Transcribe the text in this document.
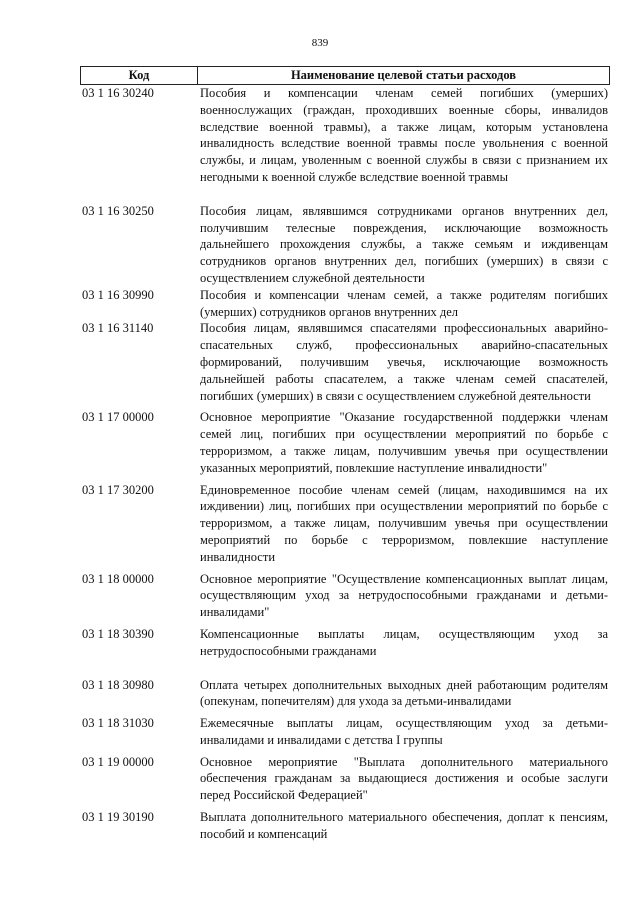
839
Код	Наименование целевой статьи расходов
03 1 16 30240	Пособия и компенсации членам семей погибших (умерших) военнослужащих (граждан, проходивших военные сборы, инвалидов вследствие военной травмы), а также лицам, которым установлена инвалидность вследствие военной травмы после увольнения с военной службы, и лицам, уволенным с военной службы в связи с признанием их негодными к военной службе вследствие военной травмы
03 1 16 30250	Пособия лицам, являвшимся сотрудниками органов внутренних дел, получившим телесные повреждения, исключающие возможность дальнейшего прохождения службы, а также семьям и иждивенцам сотрудников органов внутренних дел, погибших (умерших) в связи с осуществлением служебной деятельности
03 1 16 30990	Пособия и компенсации членам семей, а также родителям погибших (умерших) сотрудников органов внутренних дел
03 1 16 31140	Пособия лицам, являвшимся спасателями профессиональных аварийно-спасательных служб, профессиональных аварийно-спасательных формирований, получившим увечья, исключающие возможность дальнейшей работы спасателем, а также членам семей спасателей, погибших (умерших) в связи с осуществлением служебной деятельности
03 1 17 00000	Основное мероприятие "Оказание государственной поддержки членам семей лиц, погибших при осуществлении мероприятий по борьбе с терроризмом, а также лицам, получившим увечья при осуществлении указанных мероприятий, повлекшие наступление инвалидности"
03 1 17 30200	Единовременное пособие членам семей (лицам, находившимся на их иждивении) лиц, погибших при осуществлении мероприятий по борьбе с терроризмом, а также лицам, получившим увечья при осуществлении мероприятий по борьбе с терроризмом, повлекшие наступление инвалидности
03 1 18 00000	Основное мероприятие "Осуществление компенсационных выплат лицам, осуществляющим уход за нетрудоспособными гражданами и детьми-инвалидами"
03 1 18 30390	Компенсационные выплаты лицам, осуществляющим уход за нетрудоспособными гражданами
03 1 18 30980	Оплата четырех дополнительных выходных дней работающим родителям (опекунам, попечителям) для ухода за детьми-инвалидами
03 1 18 31030	Ежемесячные выплаты лицам, осуществляющим уход за детьми-инвалидами и инвалидами с детства I группы
03 1 19 00000	Основное мероприятие "Выплата дополнительного материального обеспечения гражданам за выдающиеся достижения и особые заслуги перед Российской Федерацией"
03 1 19 30190	Выплата дополнительного материального обеспечения, доплат к пенсиям, пособий и компенсаций
